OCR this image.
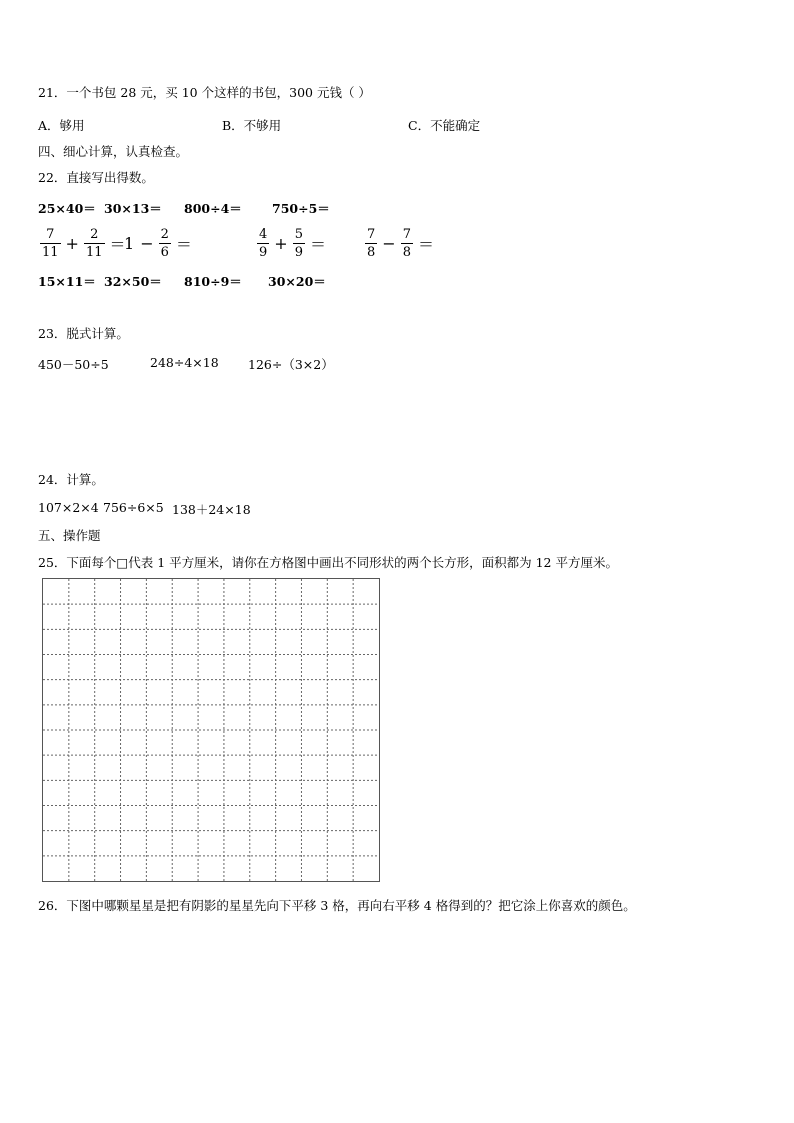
21．一个书包 28 元，买 10 个这样的书包，300 元钱（ ）
A．够用	B．不够用	C．不能确定
四、细心计算，认真检查。
22．直接写出得数。
25×40＝ 30×13＝ 800÷4＝ 750÷5＝
$\frac{7}{11} + \frac{2}{11}$ ＝
$1 - \frac{2}{6}$ ＝	$\frac{4}{9} + \frac{5}{9}$ ＝	$\frac{7}{8} - \frac{7}{8}$ ＝
15×11＝ 32×50＝ 810÷9＝ 30×20＝
23．脱式计算。
450－50÷5	248÷4×18 126÷（3×2）
24．计算。
107×2×4 756÷6×5 138＋24×18
五、操作题
25．下面每个□代表 1 平方厘米，请你在方格图中画出不同形状的两个长方形，面积都为 12 平方厘米。
26．下图中哪颗星星是把有阴影的星星先向下平移 3 格，再向右平移 4 格得到的？把它涂上你喜欢的颜色。
